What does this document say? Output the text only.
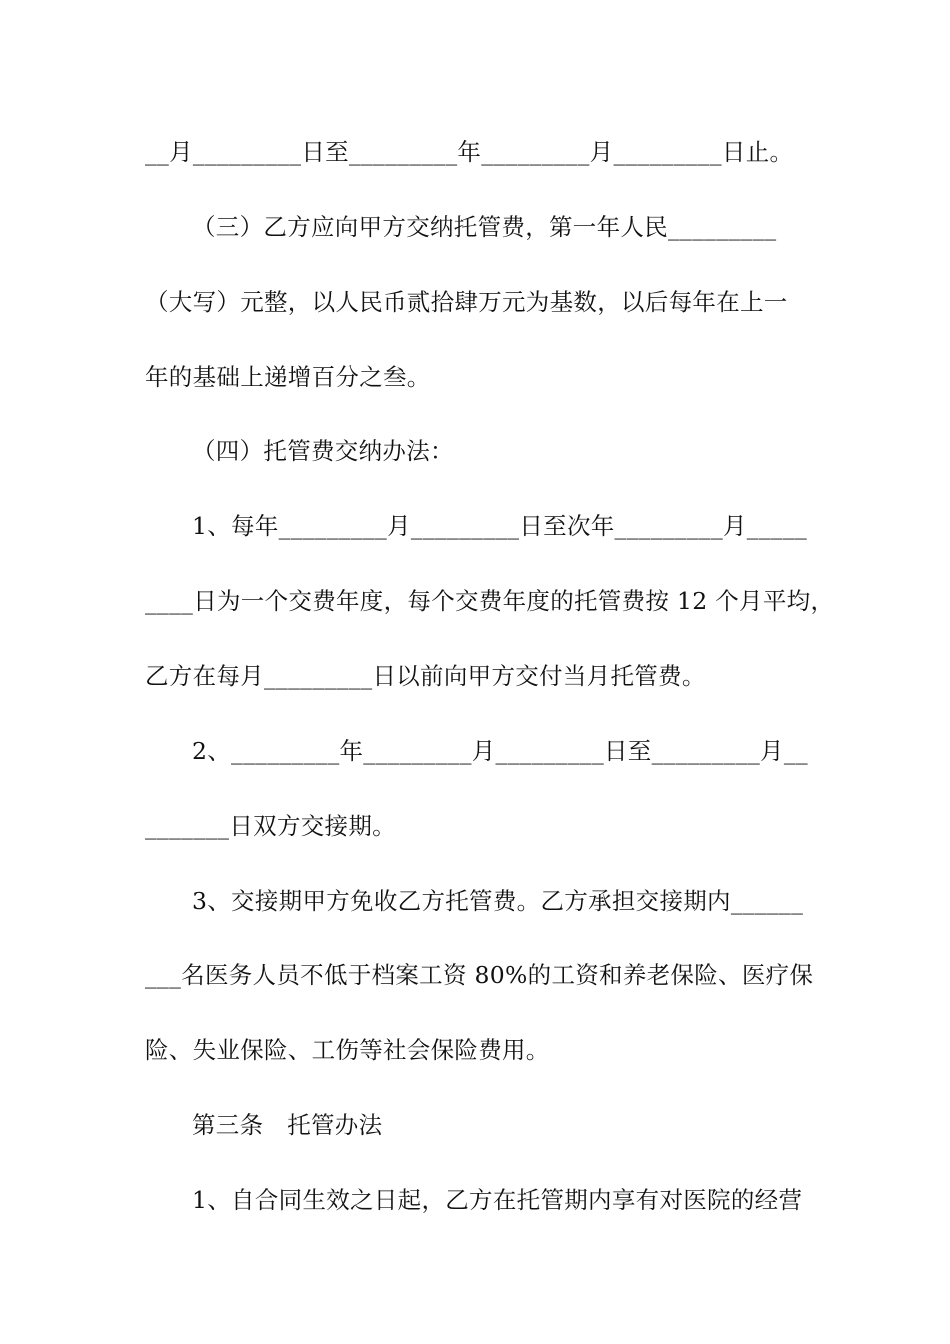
__月_________日至_________年_________月_________日止。

（三）乙方应向甲方交纳托管费，第一年人民_________

（大写）元整，以人民币贰拾肆万元为基数，以后每年在上一

年的基础上递增百分之叁。

（四）托管费交纳办法：

1、每年_________月_________日至次年_________月_____

____日为一个交费年度，每个交费年度的托管费按 12 个月平均，

乙方在每月_________日以前向甲方交付当月托管费。

2、_________年_________月_________日至_________月__

_______日双方交接期。

3、交接期甲方免收乙方托管费。乙方承担交接期内______

___名医务人员不低于档案工资 80%的工资和养老保险、医疗保

险、失业保险、工伤等社会保险费用。

第三条　托管办法

1、自合同生效之日起，乙方在托管期内享有对医院的经营
